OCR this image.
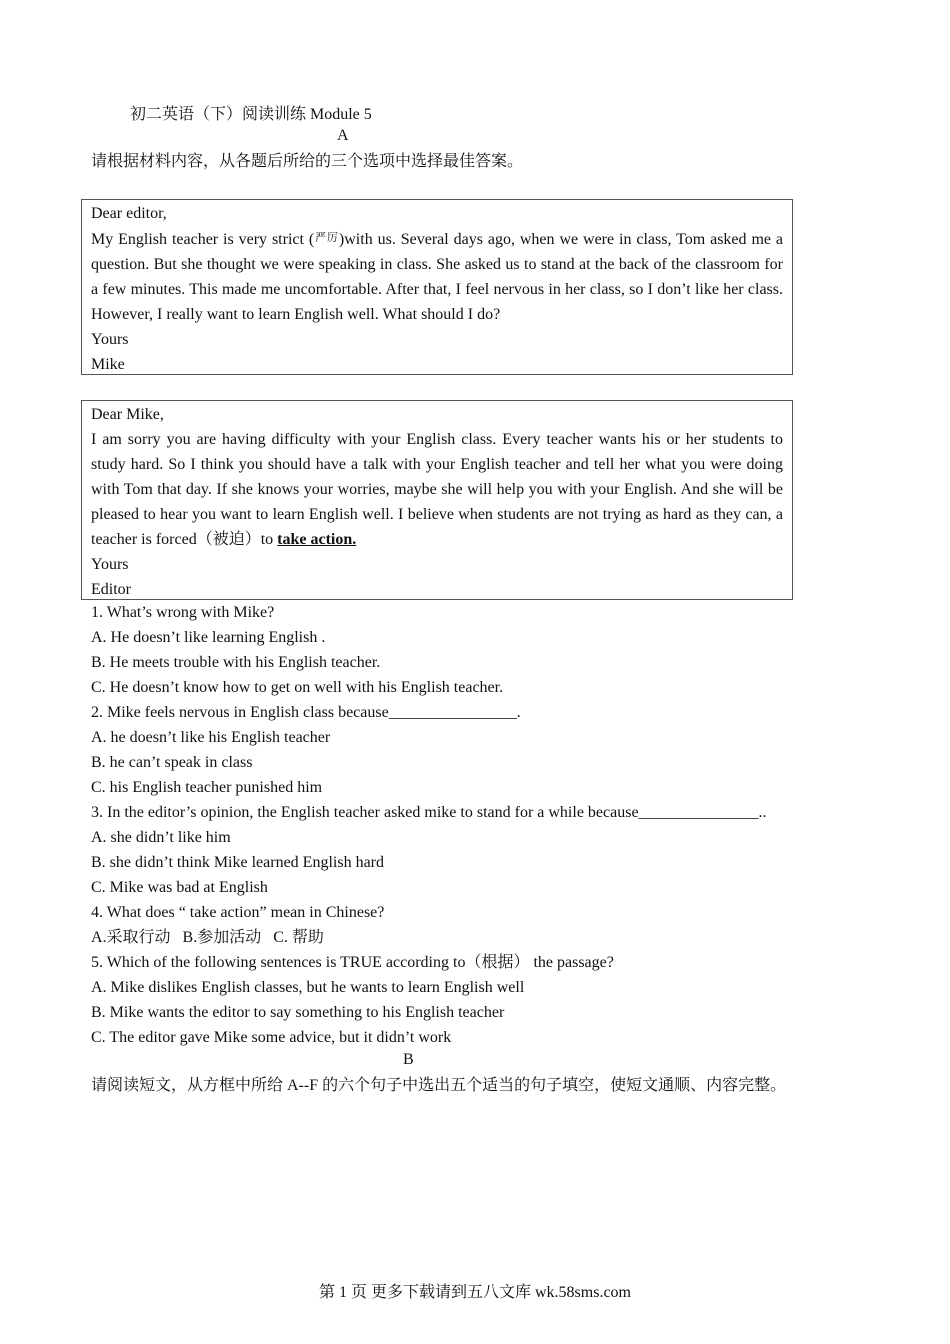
初二英语（下）阅读训练 Module 5
A
请根据材料内容，从各题后所给的三个选项中选择最佳答案。

Dear editor,

My English teacher is very strict ($^{严厉}$)with us. Several days ago, when we were in class, Tom asked me a question. But she thought we were speaking in class. She asked us to stand at the back of the classroom for a few minutes. This made me uncomfortable. After that, I feel nervous in her class, so I don’t like her class. However, I really want to learn English well. What should I do?

Yours

Mike

Dear Mike,

I am sorry you are having difficulty with your English class. Every teacher wants his or her students to study hard. So I think you should have a talk with your English teacher and tell her what you were doing with Tom that day. If she knows your worries, maybe she will help you with your English. And she will be pleased to hear you want to learn English well. I believe when students are not trying as hard as they can, a teacher is forced（被迫）to take action.

Yours

Editor

1. What’s wrong with Mike?
A. He doesn’t like learning English .
B. He meets trouble with his English teacher.
C. He doesn’t know how to get on well with his English teacher.
2. Mike feels nervous in English class because________________.
A. he doesn’t like his English teacher
B. he can’t speak in class
C. his English teacher punished him
3. In the editor’s opinion, the English teacher asked mike to stand for a while because_______________..
A. she didn’t like him
B. she didn’t think Mike learned English hard
C. Mike was bad at English
4. What does “ take action” mean in Chinese?
A.采取行动   B.参加活动   C. 帮助
5. Which of the following sentences is TRUE according to（根据） the passage?
A. Mike dislikes English classes, but he wants to learn English well
B. Mike wants the editor to say something to his English teacher
C. The editor gave Mike some advice, but it didn’t work
B
请阅读短文，从方框中所给 A--F 的六个句子中选出五个适当的句子填空，使短文通顺、内容完整。
第 1 页 更多下载请到五八文库 wk.58sms.com
